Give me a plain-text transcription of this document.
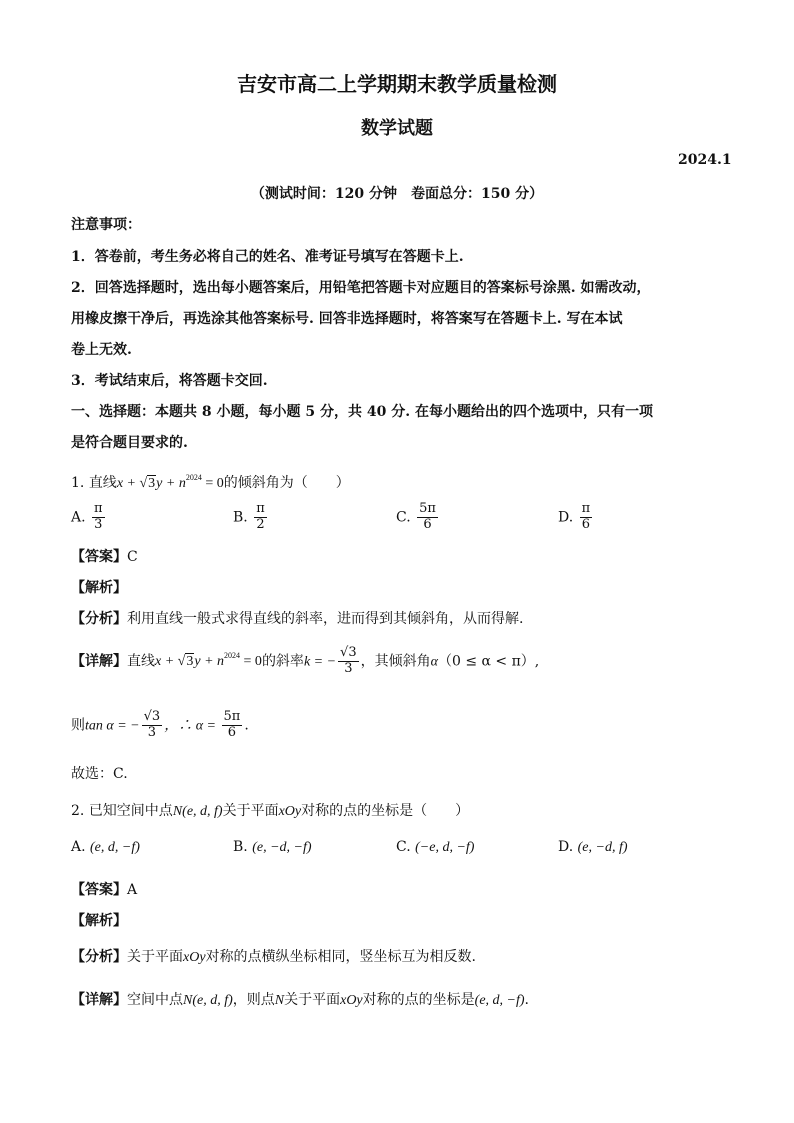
吉安市高二上学期期末教学质量检测
数学试题
2024.1
（测试时间：120 分钟　卷面总分：150 分）
注意事项：
1．答卷前，考生务必将自己的姓名、准考证号填写在答题卡上.
2．回答选择题时，选出每小题答案后，用铅笔把答题卡对应题目的答案标号涂黑. 如需改动，
用橡皮擦干净后，再选涂其他答案标号. 回答非选择题时，将答案写在答题卡上. 写在本试
卷上无效.
3．考试结束后，将答题卡交回.
一、选择题：本题共 8 小题，每小题 5 分，共 40 分. 在每小题给出的四个选项中，只有一项
是符合题目要求的.
1. 直线$x + √3y + n^{2024} = 0$的倾斜角为（　　）
A. $\frac{\pi}{3}$	B. $\frac{\pi}{2}$	C. $\frac{5\pi}{6}$	D. $\frac{\pi}{6}$
【答案】C
【解析】
【分析】利用直线一般式求得直线的斜率，进而得到其倾斜角，从而得解.
【详解】直线$x + √3y + n^{2024} = 0$的斜率k = − $\frac{√3}{3}$ ，其倾斜角α（0 ≤ α < π）,
则tan α = − $\frac{√3}{3}$ ，∴ $\alpha = \frac{5\pi}{6}$ .
故选：C.
2. 已知空间中点N(e, d, f)关于平面xOy对称的点的坐标是（　　）
A. (e, d, −f)	B. (e, −d, −f)	C. (−e, d, −f)	D. (e, −d, f)
【答案】A
【解析】
【分析】关于平面xOy对称的点横纵坐标相同，竖坐标互为相反数.
【详解】空间中点N(e, d, f)，则点N关于平面xOy对称的点的坐标是(e, d, −f).
